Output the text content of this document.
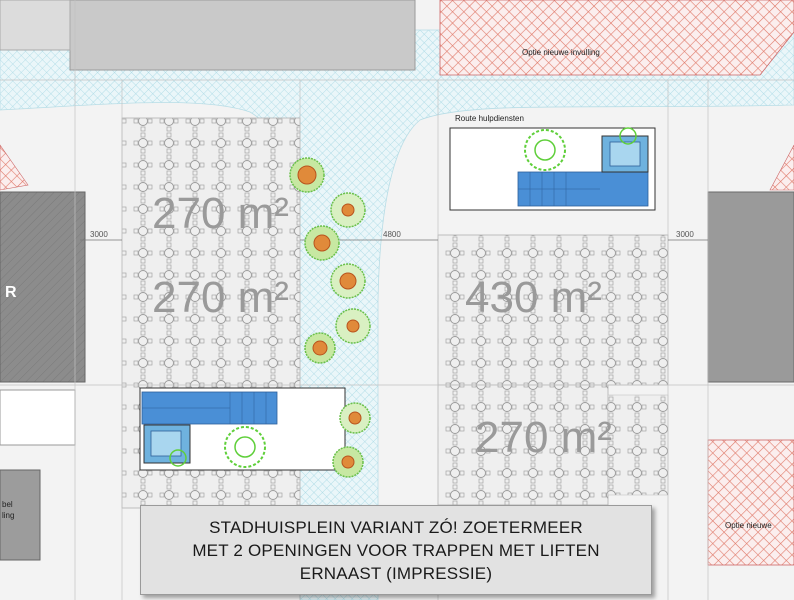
Optie nieuwe invulling
R
bel
ling
Optie nieuwe
3000	4800	3000
270 m²
270 m²	430 m²
270 m²
Route hulpdiensten
STADHUISPLEIN VARIANT ZÓ! ZOETERMEER
MET 2 OPENINGEN VOOR TRAPPEN MET LIFTEN
ERNAAST (IMPRESSIE)
